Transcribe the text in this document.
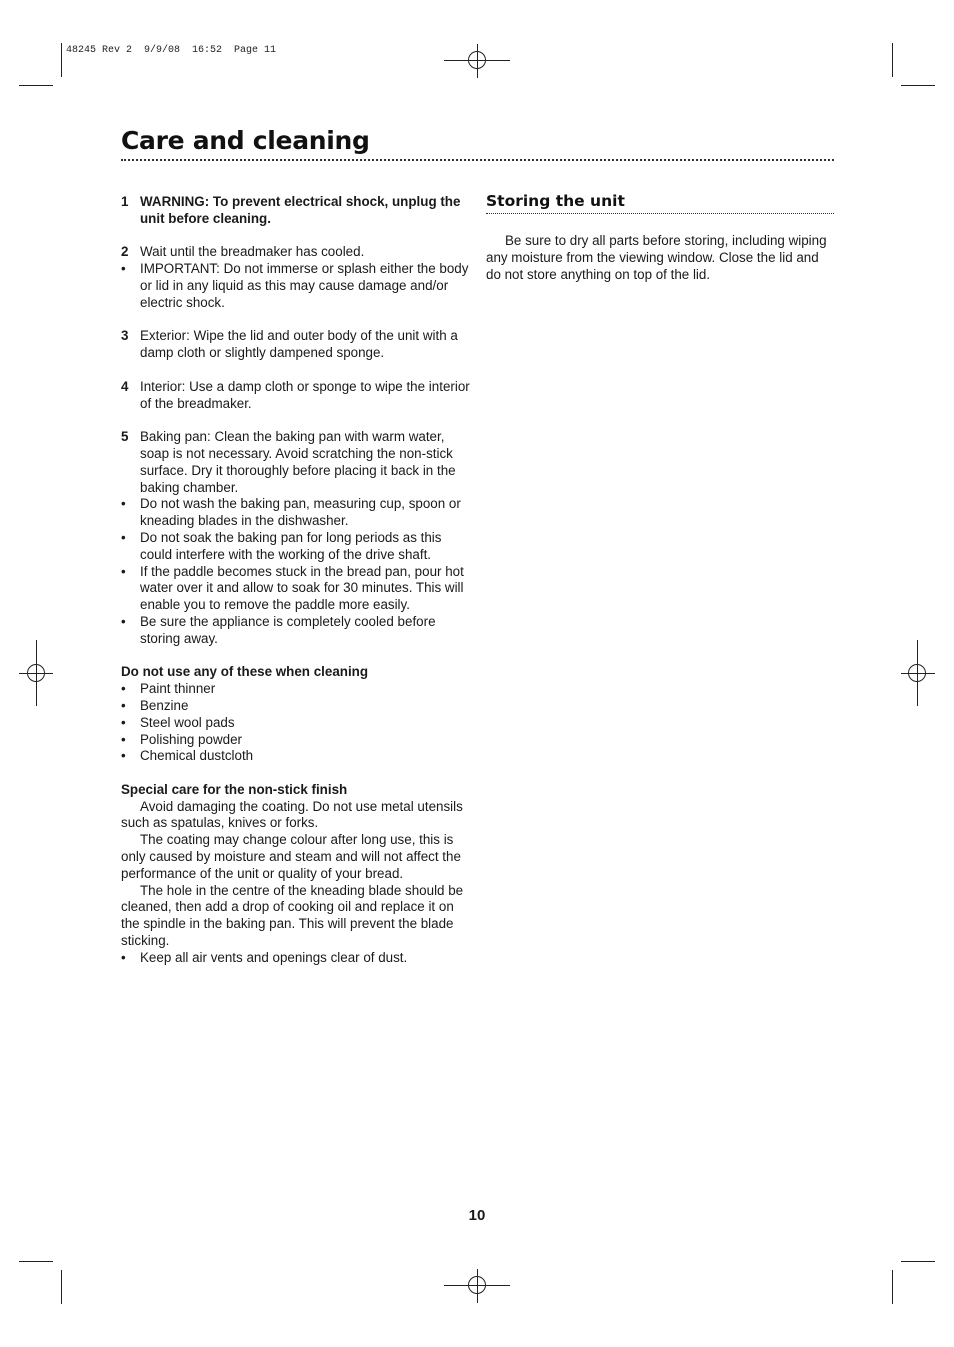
48245 Rev 2  9/9/08  16:52  Page 11
Care and cleaning
1 WARNING: To prevent electrical shock, unplug the unit before cleaning.
2 Wait until the breadmaker has cooled.
• IMPORTANT: Do not immerse or splash either the body or lid in any liquid as this may cause damage and/or electric shock.
3 Exterior: Wipe the lid and outer body of the unit with a damp cloth or slightly dampened sponge.
4 Interior: Use a damp cloth or sponge to wipe the interior of the breadmaker.
5 Baking pan: Clean the baking pan with warm water, soap is not necessary. Avoid scratching the non-stick surface. Dry it thoroughly before placing it back in the baking chamber.
• Do not wash the baking pan, measuring cup, spoon or kneading blades in the dishwasher.
• Do not soak the baking pan for long periods as this could interfere with the working of the drive shaft.
• If the paddle becomes stuck in the bread pan, pour hot water over it and allow to soak for 30 minutes. This will enable you to remove the paddle more easily.
• Be sure the appliance is completely cooled before storing away.
Do not use any of these when cleaning
• Paint thinner
• Benzine
• Steel wool pads
• Polishing powder
• Chemical dustcloth
Special care for the non-stick finish
Avoid damaging the coating. Do not use metal utensils such as spatulas, knives or forks.
The coating may change colour after long use, this is only caused by moisture and steam and will not affect the performance of the unit or quality of your bread.
The hole in the centre of the kneading blade should be cleaned, then add a drop of cooking oil and replace it on the spindle in the baking pan. This will prevent the blade sticking.
• Keep all air vents and openings clear of dust.
Storing the unit
Be sure to dry all parts before storing, including wiping any moisture from the viewing window. Close the lid and do not store anything on top of the lid.
10
